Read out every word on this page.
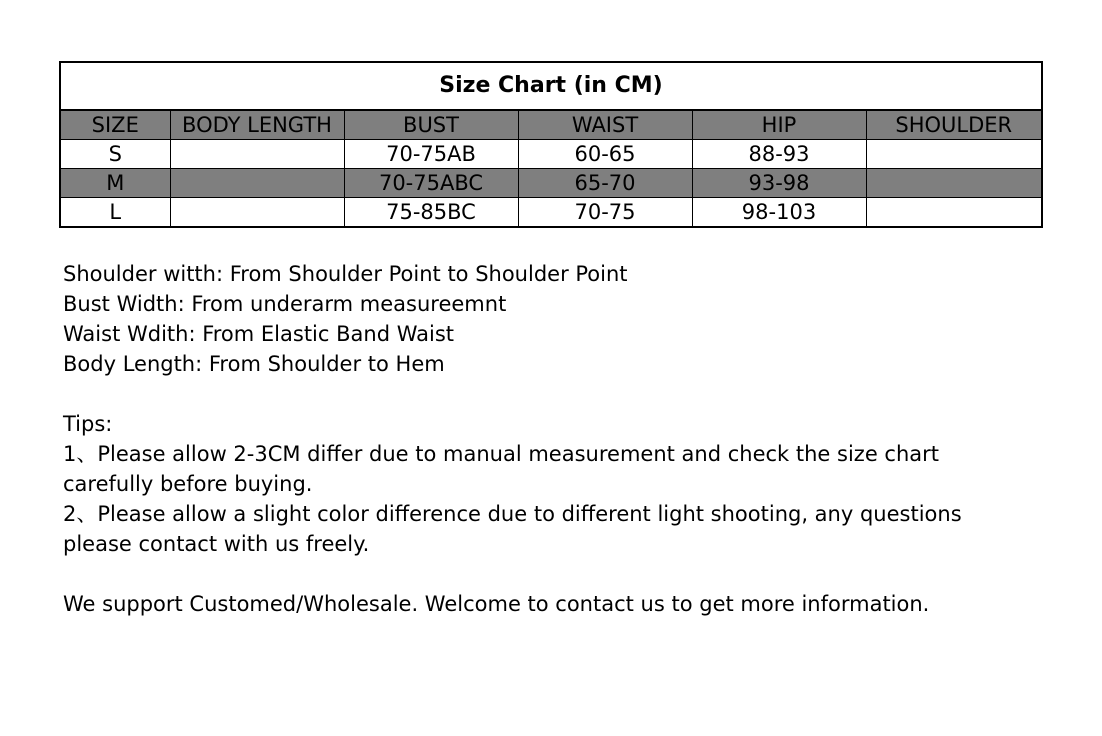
Size Chart (in CM)					
SIZE	BODY LENGTH	BUST	WAIST	HIP	SHOULDER
S		70-75AB	60-65	88-93	
M		70-75ABC	65-70	93-98	
L		75-85BC	70-75	98-103	

Shoulder witth: From Shoulder Point to Shoulder Point

Bust Width: From underarm measureemnt

Waist Wdith: From Elastic Band Waist

Body Length: From Shoulder to Hem

Tips:

1、Please allow 2-3CM differ due to manual measurement and check the size chart

carefully before buying.

2、Please allow a slight color difference due to different light shooting, any questions

please contact with us freely.

We support Customed/Wholesale. Welcome to contact us to get more information.
